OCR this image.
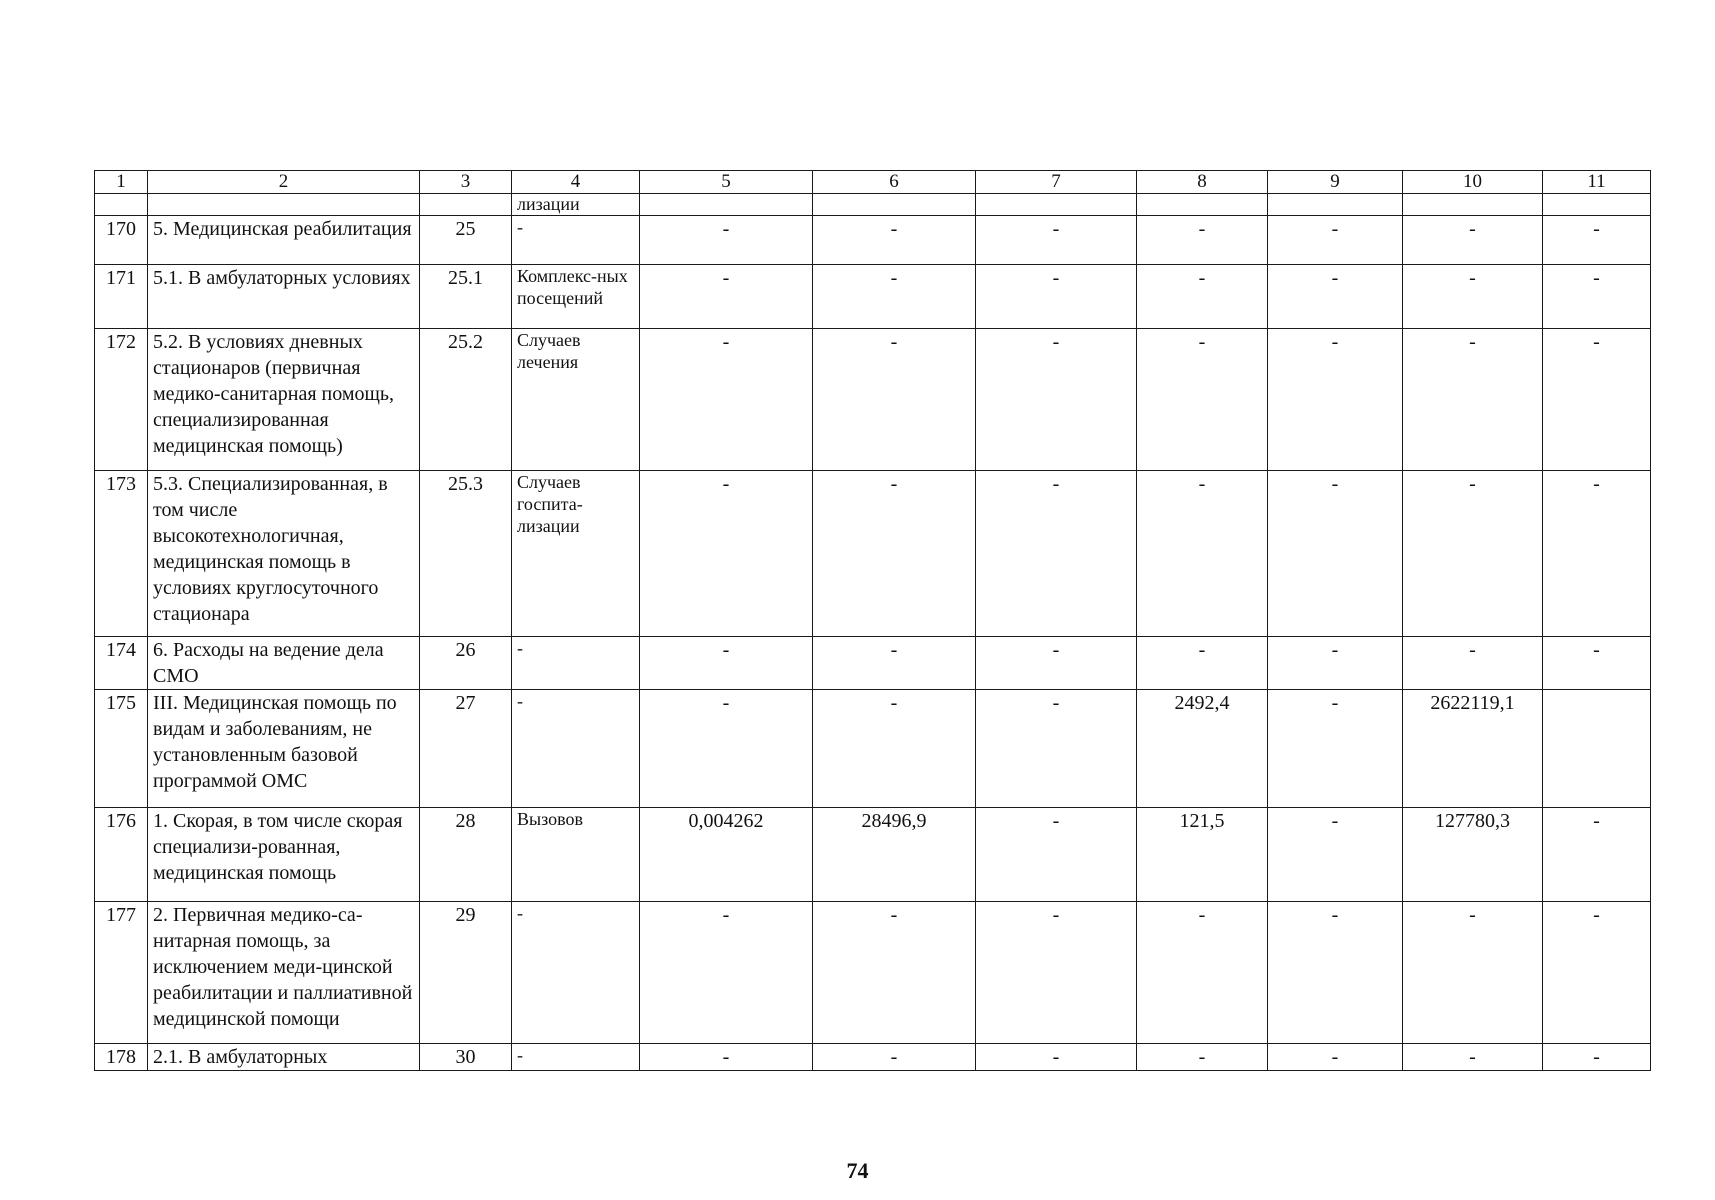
1	2	3	4	5	6	7	8	9	10	11
			лизации							
170	5. Медицинская реабилитация	25	-	-	-	-	-	-	-	-
171	5.1. В амбулаторных условиях	25.1	Комплекс-ных посещений	-	-	-	-	-	-	-
172	5.2. В условиях дневных стационаров (первичная медико-санитарная помощь, специализированная медицинская помощь)	25.2	Случаев лечения	-	-	-	-	-	-	-
173	5.3. Специализированная, в том числе высокотехнологичная, медицинская помощь в условиях круглосуточного стационара	25.3	Случаев госпита-лизации	-	-	-	-	-	-	-
174	6. Расходы на ведение дела СМО	26	-	-	-	-	-	-	-	-
175	III. Медицинская помощь по видам и заболеваниям, не установленным базовой программой ОМС	27	-	-	-	-	2492,4	-	2622119,1	
176	1. Скорая, в том числе скорая специализи-рованная, медицинская помощь	28	Вызовов	0,004262	28496,9	-	121,5	-	127780,3	-
177	2. Первичная медико-са-нитарная помощь, за исключением меди-цинской реабилитации и паллиативной медицинской помощи	29	-	-	-	-	-	-	-	-
178	2.1. В амбулаторных	30	-	-	-	-	-	-	-	-
74
